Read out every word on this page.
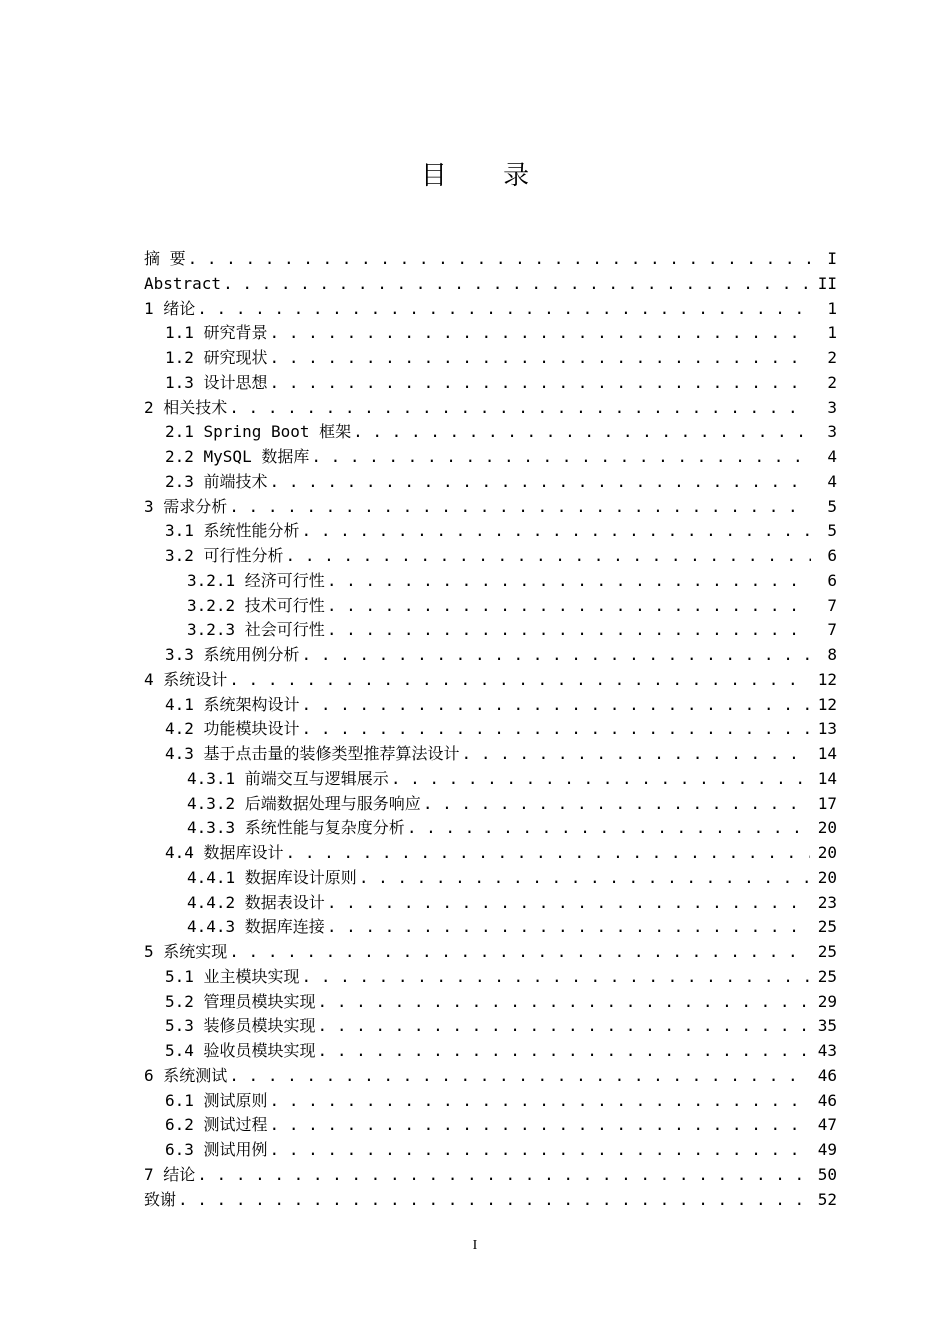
目 录
摘 要 . . .	I
Abstract . . .	II
1 绪论 . . .	1
1.1 研究背景 . . .	1
1.2 研究现状 . . .	2
1.3 设计思想 . . .	2
2 相关技术 . . .	3
2.1 Spring Boot 框架 . . .	3
2.2 MySQL 数据库 . . .	4
2.3 前端技术 . . .	4
3 需求分析 . . .	5
3.1 系统性能分析 . . .	5
3.2 可行性分析 . . .	6
3.2.1 经济可行性 . . .	6
3.2.2 技术可行性 . . .	7
3.2.3 社会可行性 . . .	7
3.3 系统用例分析 . . .	8
4 系统设计 . . .	12
4.1 系统架构设计 . . .	12
4.2 功能模块设计 . . .	13
4.3 基于点击量的装修类型推荐算法设计 . . .	14
4.3.1 前端交互与逻辑展示 . . .	14
4.3.2 后端数据处理与服务响应 . . .	17
4.3.3 系统性能与复杂度分析 . . .	20
4.4 数据库设计 . . .	20
4.4.1 数据库设计原则 . . .	20
4.4.2 数据表设计 . . .	23
4.4.3 数据库连接 . . .	25
5 系统实现 . . .	25
5.1 业主模块实现 . . .	25
5.2 管理员模块实现 . . .	29
5.3 装修员模块实现 . . .	35
5.4 验收员模块实现 . . .	43
6 系统测试 . . .	46
6.1 测试原则 . . .	46
6.2 测试过程 . . .	47
6.3 测试用例 . . .	49
7 结论 . . .	50
致谢 . . .	52
I
